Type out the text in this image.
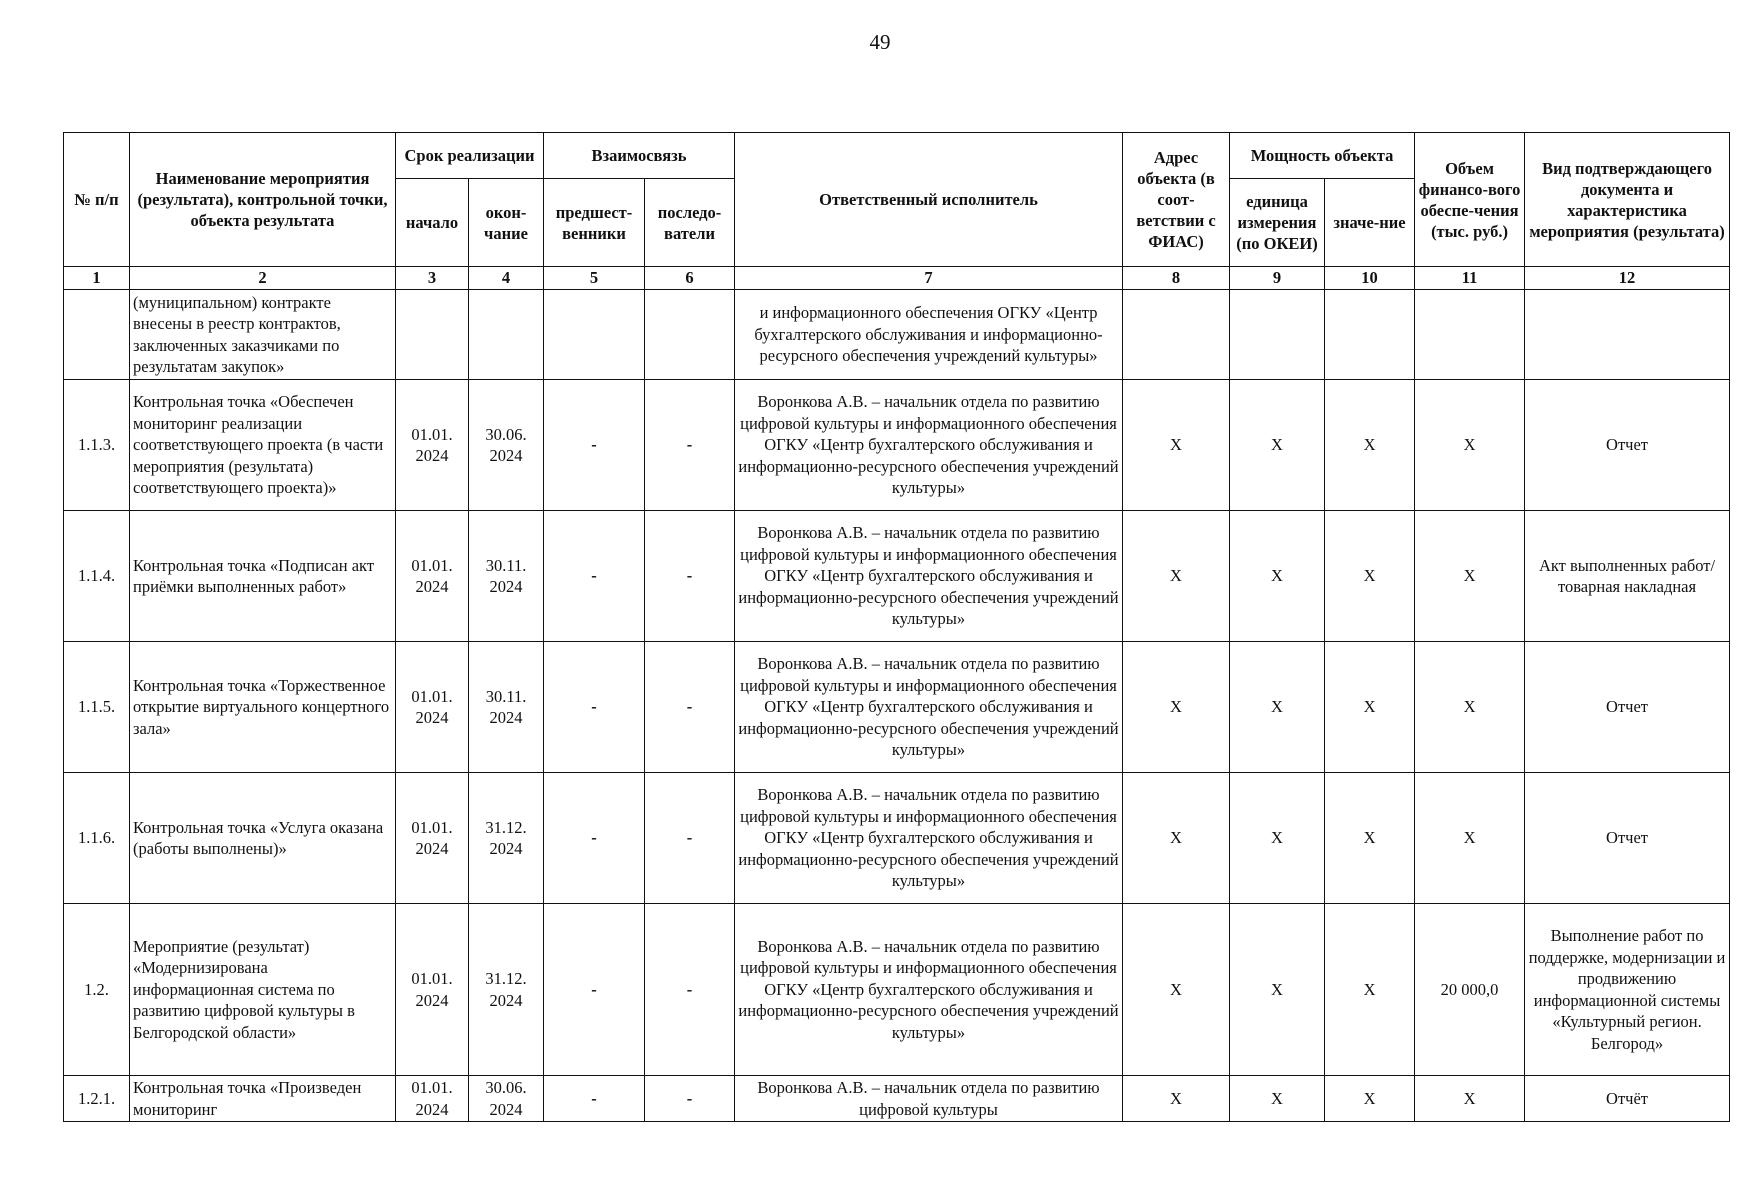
49
№ п/п	Наименование мероприятия (результата), контрольной точки, объекта результата	Срок реализации		Взаимосвязь		Ответственный исполнитель	Адрес объекта (в соот-ветствии с ФИАС)	Мощность объекта		Объем финансо-вого обеспе-чения (тыс. руб.)	Вид подтверждающего документа и характеристика мероприятия (результата)
		начало	окон-чание	предшест-венники	последо-ватели			единица измерения (по ОКЕИ)	значе-ние		
1	2	3	4	5	6	7	8	9	10	11	12
	(муниципальном) контракте внесены в реестр контрактов, заключенных заказчиками по результатам закупок»					и информационного обеспечения ОГКУ «Центр бухгалтерского обслуживания и информационно-ресурсного обеспечения учреждений культуры»					
1.1.3.	Контрольная точка «Обеспечен мониторинг реализации соответствующего проекта (в части мероприятия (результата) соответствующего проекта)»	01.01. 2024	30.06. 2024	-	-	Воронкова А.В. – начальник отдела по развитию цифровой культуры и информационного обеспечения ОГКУ «Центр бухгалтерского обслуживания и информационно-ресурсного обеспечения учреждений культуры»	X	X	X	X	Отчет
1.1.4.	Контрольная точка «Подписан акт приёмки выполненных работ»	01.01. 2024	30.11. 2024	-	-	Воронкова А.В. – начальник отдела по развитию цифровой культуры и информационного обеспечения ОГКУ «Центр бухгалтерского обслуживания и информационно-ресурсного обеспечения учреждений культуры»	X	X	X	X	Акт выполненных работ/товарная накладная
1.1.5.	Контрольная точка «Торжественное открытие виртуального концертного зала»	01.01. 2024	30.11. 2024	-	-	Воронкова А.В. – начальник отдела по развитию цифровой культуры и информационного обеспечения ОГКУ «Центр бухгалтерского обслуживания и информационно-ресурсного обеспечения учреждений культуры»	X	X	X	X	Отчет
1.1.6.	Контрольная точка «Услуга оказана (работы выполнены)»	01.01. 2024	31.12. 2024	-	-	Воронкова А.В. – начальник отдела по развитию цифровой культуры и информационного обеспечения ОГКУ «Центр бухгалтерского обслуживания и информационно-ресурсного обеспечения учреждений культуры»	X	X	X	X	Отчет
1.2.	Мероприятие (результат) «Модернизирована информационная система по развитию цифровой культуры в Белгородской области»	01.01. 2024	31.12. 2024	-	-	Воронкова А.В. – начальник отдела по развитию цифровой культуры и информационного обеспечения ОГКУ «Центр бухгалтерского обслуживания и информационно-ресурсного обеспечения учреждений культуры»	X	X	X	20 000,0	Выполнение работ по поддержке, модернизации и продвижению информационной системы «Культурный регион. Белгород»
1.2.1.	Контрольная точка «Произведен мониторинг	01.01. 2024	30.06. 2024	-	-	Воронкова А.В. – начальник отдела по развитию цифровой культуры	X	X	X	X	Отчёт
